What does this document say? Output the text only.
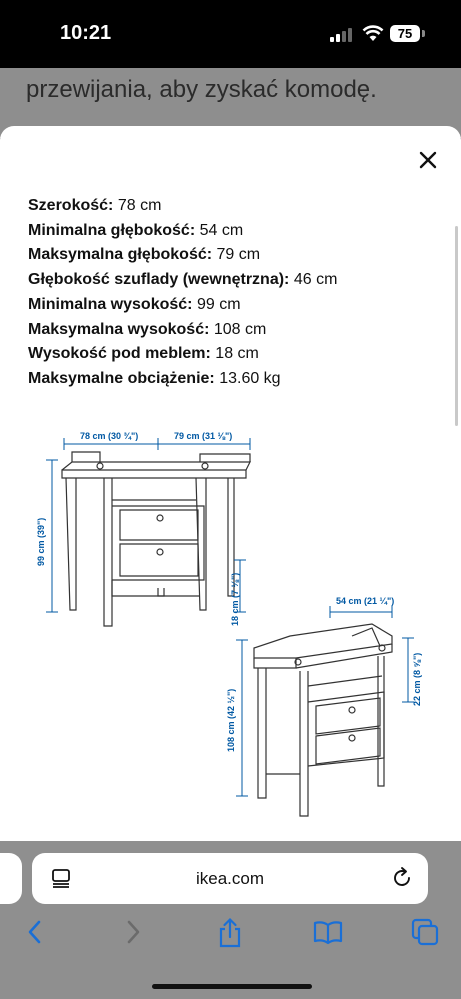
10:21	75
przewijania, aby zyskać komodę.
Szerokość: 78 cm
Minimalna głębokość: 54 cm
Maksymalna głębokość: 79 cm
Głębokość szuflady (wewnętrzna): 46 cm
Minimalna wysokość: 99 cm
Maksymalna wysokość: 108 cm
Wysokość pod meblem: 18 cm
Maksymalne obciążenie: 13.60 kg
78 cm (30 ¾")	79 cm (31 ⅛")
99 cm (39")
18 cm (7 ⅛")	54 cm (21 ¼")
108 cm (42 ½")
22 cm (8 ⅝")
ikea.com
